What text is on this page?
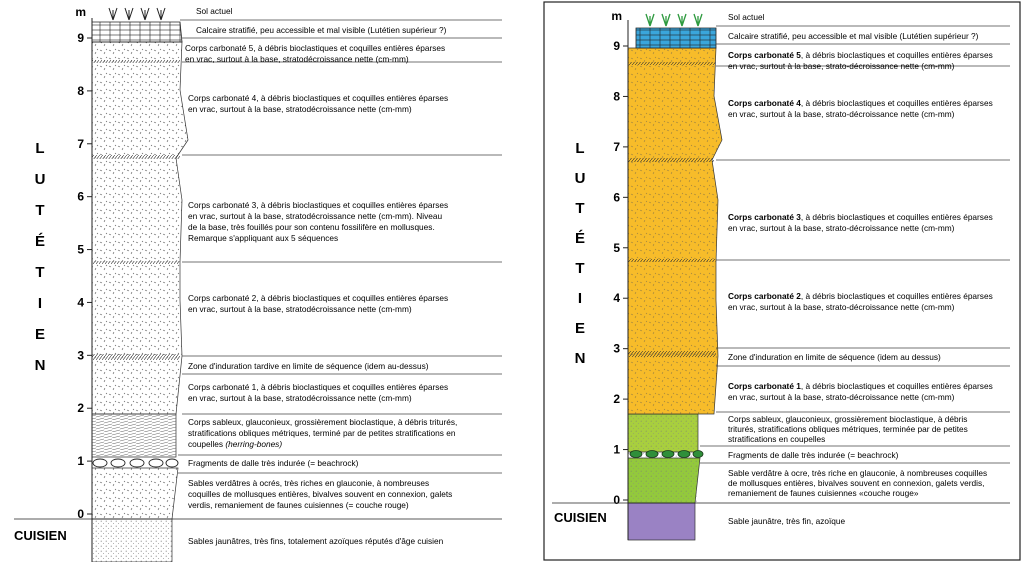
m
9
8
7
6
5
4
3
2
1
0
L
U
T
É
T
I
E
N
CUISIEN
Sol actuel
Calcaire stratifié, peu accessible et mal visible (Lutétien supérieur ?)
Corps carbonaté 5, à débris bioclastiques et coquilles entières éparses en vrac, surtout à la base, stratodécroissance nette (cm-mm)
Corps carbonaté 4, à débris bioclastiques et coquilles entières éparses en vrac, surtout à la base, stratodécroissance nette (cm-mm)
Corps carbonaté 3, à débris bioclastiques et coquilles entières éparses en vrac, surtout à la base, stratodécroissance nette (cm-mm). Niveau de la base, très fouillés pour son contenu fossilifère en mollusques. Remarque s'appliquant aux 5 séquences
Corps carbonaté 2, à débris bioclastiques et coquilles entières éparses en vrac, surtout à la base, stratodécroissance nette (cm-mm)
Zone d'induration tardive en limite de séquence (idem au-dessus)
Corps carbonaté 1, à débris bioclastiques et coquilles entières éparses en vrac, surtout à la base, stratodécroissance nette (cm-mm)
Corps sableux, glauconieux, grossièrement bioclastique, à débris triturés, stratifications obliques métriques, terminé par de petites stratifications en coupelles (herring-bones)
Fragments de dalle très indurée (= beachrock)
Sables verdâtres à ocrés, très riches en glauconie, à nombreuses coquilles de mollusques entières, bivalves souvent en connexion, galets verdis, remaniement de faunes cuisiennes (= couche rouge)
Sables jaunâtres, très fins, totalement azoïques réputés d'âge cuisien
m
9
8
7
6
5
4
3
2
1
0
L
U
T
É
T
I
E
N
CUISIEN
Sol actuel
Calcaire stratifié, peu accessible et mal visible (Lutétien supérieur ?)
Corps carbonaté 5, à débris bioclastiques et coquilles entières éparses en vrac, surtout à la base, strato-décroissance nette (cm-mm)
Corps carbonaté 4, à débris bioclastiques et coquilles entières éparses en vrac, surtout à la base, strato-décroissance nette (cm-mm)
Corps carbonaté 3, à débris bioclastiques et coquilles entières éparses en vrac, surtout à la base, strato-décroissance nette (cm-mm)
Corps carbonaté 2, à débris bioclastiques et coquilles entières éparses en vrac, surtout à la base, strato-décroissance nette (cm-mm)
Zone d'induration en limite de séquence (idem au dessus)
Corps carbonaté 1, à débris bioclastiques et coquilles entières éparses en vrac, surtout à la base, strato-décroissance nette (cm-mm)
Corps sableux, glauconieux, grossièrement bioclastique, à débris triturés, stratifications obliques métriques, terminée par de petites stratifications en coupelles
Fragments de dalle très indurée (= beachrock)
Sable verdâtre à ocre, très riche en glauconie, à nombreuses coquilles de mollusques entières, bivalves souvent en connexion, galets verdis, remaniement de faunes cuisiennes «couche rouge»
Sable jaunâtre, très fin, azoïque
